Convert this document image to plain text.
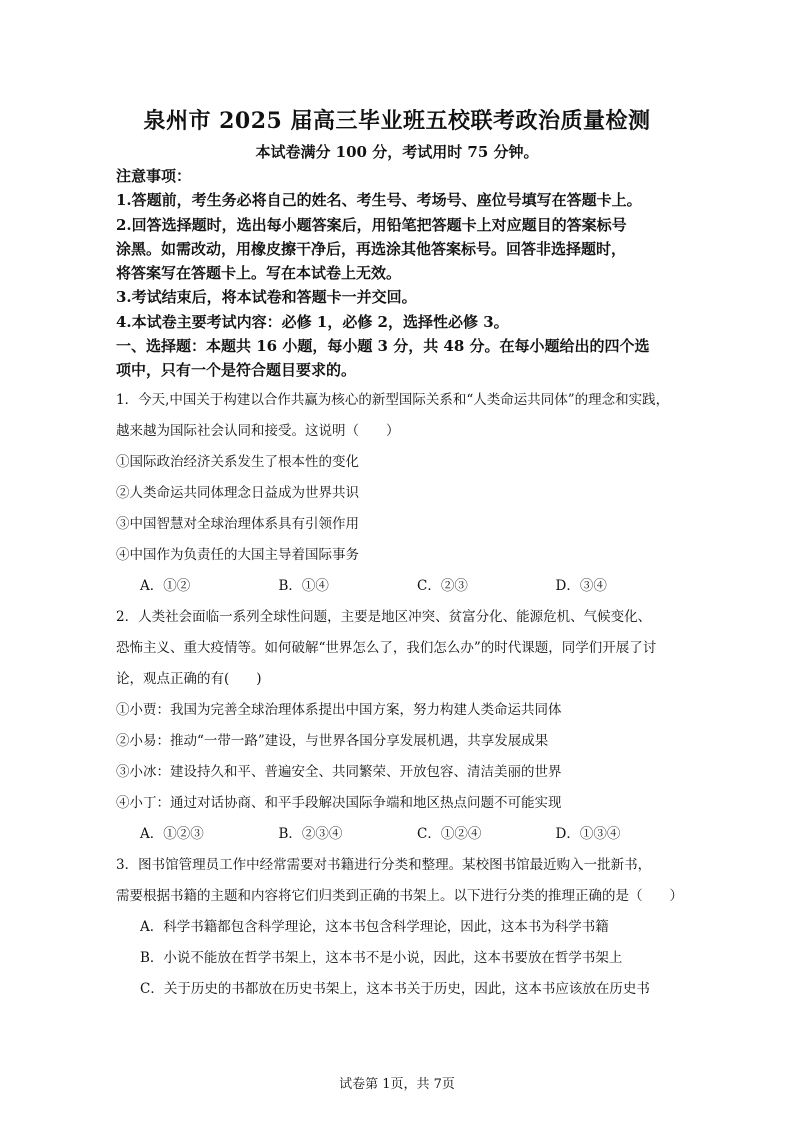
泉州市 2025 届高三毕业班五校联考政治质量检测
本试卷满分 100 分，考试用时 75 分钟。
注意事项：
1.答题前，考生务必将自己的姓名、考生号、考场号、座位号填写在答题卡上。
2.回答选择题时，选出每小题答案后，用铅笔把答题卡上对应题目的答案标号
涂黑。如需改动，用橡皮擦干净后，再选涂其他答案标号。回答非选择题时，
将答案写在答题卡上。写在本试卷上无效。
3.考试结束后，将本试卷和答题卡一并交回。
4.本试卷主要考试内容：必修 1，必修 2，选择性必修 3。
一、选择题：本题共 16 小题，每小题 3 分，共 48 分。在每小题给出的四个选
项中，只有一个是符合题目要求的。
1．今天,中国关于构建以合作共赢为核心的新型国际关系和“人类命运共同体”的理念和实践，
越来越为国际社会认同和接受。这说明（　　）
①国际政治经济关系发生了根本性的变化
②人类命运共同体理念日益成为世界共识
③中国智慧对全球治理体系具有引领作用
④中国作为负责任的大国主导着国际事务
A．①②	B．①④	C．②③	D．③④
2．人类社会面临一系列全球性问题，主要是地区冲突、贫富分化、能源危机、气候变化、
恐怖主义、重大疫情等。如何破解“世界怎么了，我们怎么办”的时代课题，同学们开展了讨
论，观点正确的有(　　)
①小贾：我国为完善全球治理体系提出中国方案，努力构建人类命运共同体
②小易：推动“一带一路”建设，与世界各国分享发展机遇，共享发展成果
③小冰：建设持久和平、普遍安全、共同繁荣、开放包容、清洁美丽的世界
④小丁：通过对话协商、和平手段解决国际争端和地区热点问题不可能实现
A．①②③	B．②③④	C．①②④	D．①③④
3．图书馆管理员工作中经常需要对书籍进行分类和整理。某校图书馆最近购入一批新书，
需要根据书籍的主题和内容将它们归类到正确的书架上。以下进行分类的推理正确的是（　　）
A．科学书籍都包含科学理论，这本书包含科学理论，因此，这本书为科学书籍
B．小说不能放在哲学书架上，这本书不是小说，因此，这本书要放在哲学书架上
C．关于历史的书都放在历史书架上，这本书关于历史，因此，这本书应该放在历史书
试卷第 1页，共 7页
